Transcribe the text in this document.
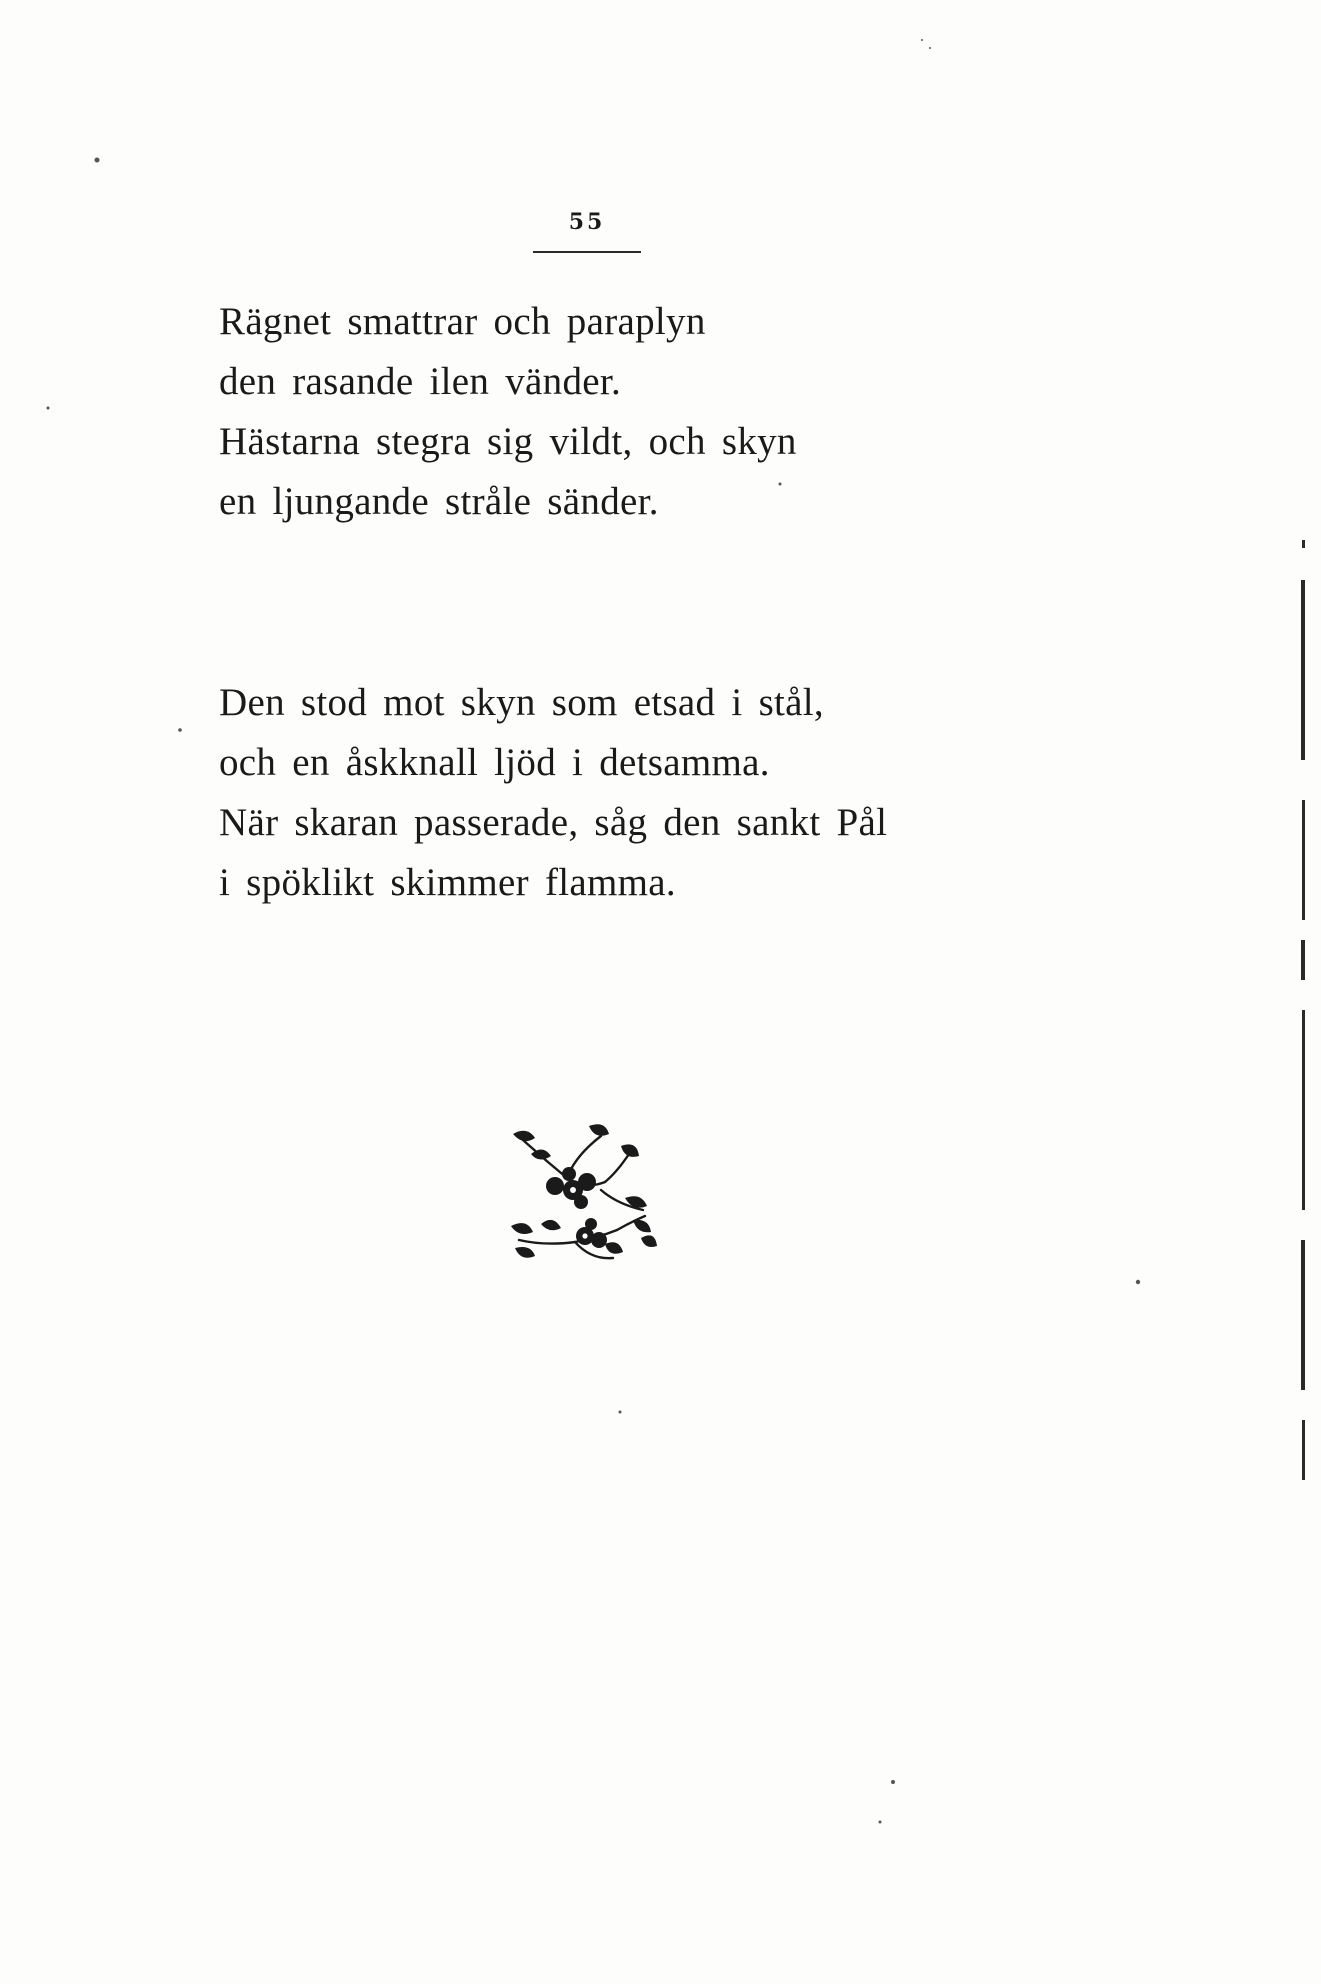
55
Rägnet smattrar och paraplyn
den rasande ilen vänder.
Hästarna stegra sig vildt, och skyn
en ljungande stråle sänder.
Den stod mot skyn som etsad i stål,
och en åskknall ljöd i detsamma.
När skaran passerade, såg den sankt Pål
i spöklikt skimmer flamma.
